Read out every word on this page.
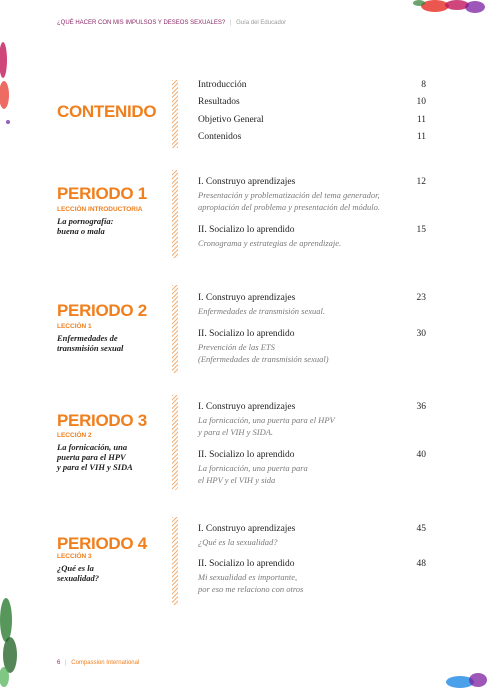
¿QUÉ HACER CON MIS IMPULSOS Y DESEOS SEXUALES? | Guía del Educador
CONTENIDO
Introducción	8
Resultados	10
Objetivo General	11
Contenidos	11
PERIODO 1
LECCIÓN INTRODUCTORIA
La pornografía:
buena o mala
I. Construyo aprendizajes	12
Presentación y problematización del tema generador,
apropiación del problema y presentación del módulo.
II. Socializo lo aprendido	15
Cronograma y estrategias de aprendizaje.
PERIODO 2
LECCIÓN 1
Enfermedades de
transmisión sexual
I. Construyo aprendizajes	23
Enfermedades de transmisión sexual.
II. Socializo lo aprendido	30
Prevención de las ETS
(Enfermedades de transmisión sexual)
PERIODO 3
LECCIÓN 2
La fornicación, una
puerta para el HPV
y para el VIH y SIDA
I. Construyo aprendizajes	36
La fornicación, una puerta para el HPV
y para el VIH y SIDA.
II. Socializo lo aprendido	40
La fornicación, una puerta para
el HPV y el VIH y sida
PERIODO 4
LECCIÓN 3
¿Qué es la
sexualidad?
I. Construyo aprendizajes	45
¿Qué es la sexualidad?
II. Socializo lo aprendido	48
Mi sexualidad es importante,
por eso me relaciono con otros
6 | Compassion International
